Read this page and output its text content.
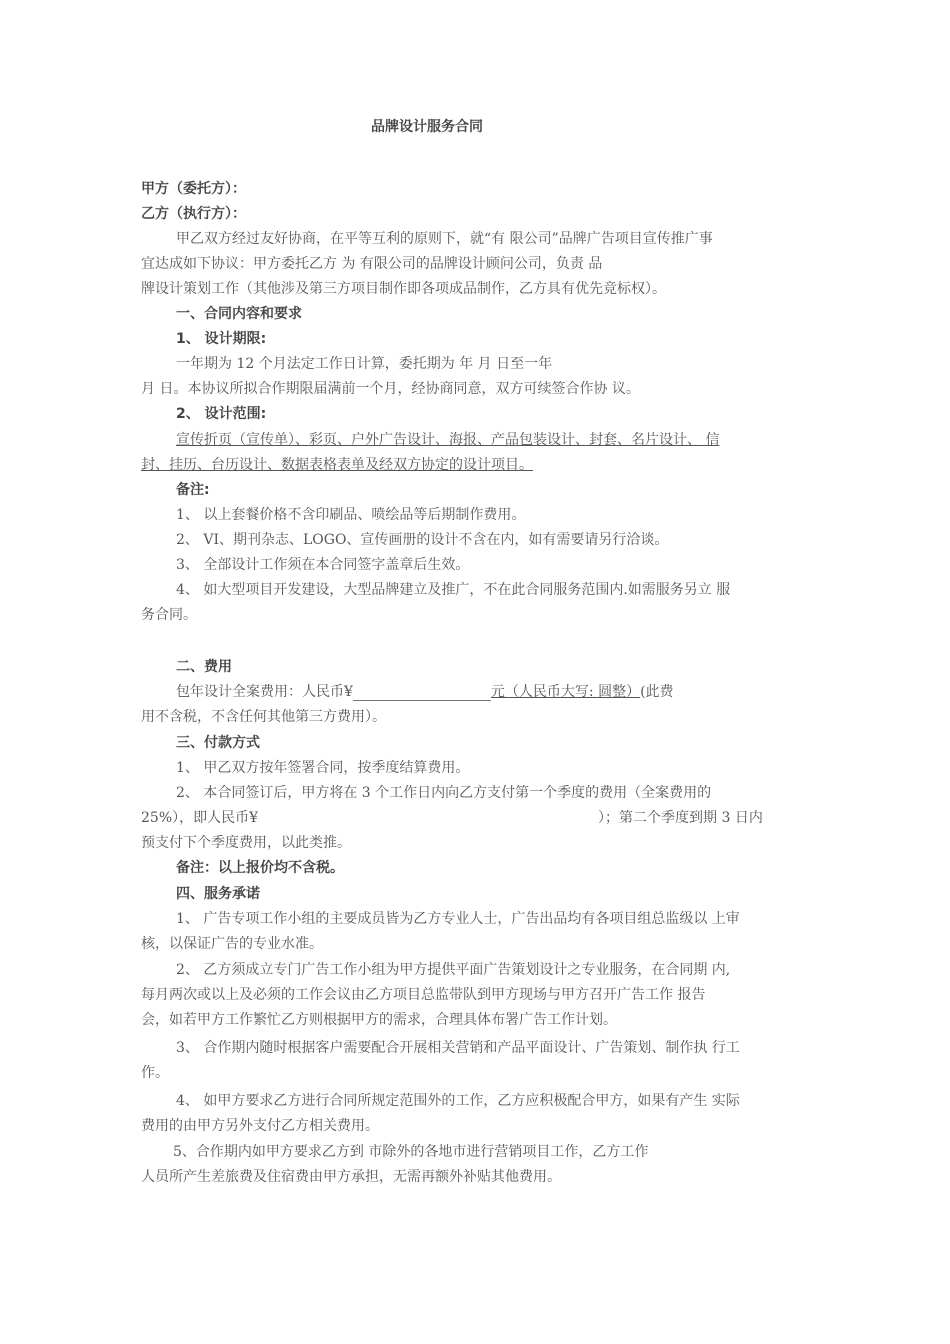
品牌设计服务合同
甲方（委托方）：
乙方（执行方）：
甲乙双方经过友好协商，在平等互利的原则下，就“有 限公司”品牌广告项目宣传推广事
宜达成如下协议：甲方委托乙方 为 有限公司的品牌设计顾问公司，负责 品
牌设计策划工作（其他涉及第三方项目制作即各项成品制作，乙方具有优先竞标权）。
一、合同内容和要求
1、 设计期限:
一年期为 12 个月法定工作日计算，委托期为 年 月 日至一年
月 日。本协议所拟合作期限届满前一个月，经协商同意，双方可续签合作协 议。
2、 设计范围:
宣传折页（宣传单）、彩页、户外广告设计、海报、产品包装设计、封套、名片设计、 信
封、挂历、台历设计、数据表格表单及经双方协定的设计项目。
备注:
1、 以上套餐价格不含印刷品、喷绘品等后期制作费用。
2、 VI、期刊杂志、LOGO、宣传画册的设计不含在内，如有需要请另行洽谈。
3、 全部设计工作须在本合同签字盖章后生效。
4、 如大型项目开发建设，大型品牌建立及推广，不在此合同服务范围内.如需服务另立 服
务合同。
二、费用
包年设计全案费用：人民币¥	元（人民币大写: 圆整）(此费
用不含税，不含任何其他第三方费用）。
三、付款方式
1、 甲乙双方按年签署合同，按季度结算费用。
2、 本合同签订后，甲方将在 3 个工作日内向乙方支付第一个季度的费用（全案费用的
25%），即人民币¥	）；第二个季度到期 3 日内
预支付下个季度费用，以此类推。
备注：以上报价均不含税。
四、服务承诺
1、 广告专项工作小组的主要成员皆为乙方专业人士，广告出品均有各项目组总监级以 上审
核，以保证广告的专业水准。
2、 乙方须成立专门广告工作小组为甲方提供平面广告策划设计之专业服务，在合同期 内,
每月两次或以上及必须的工作会议由乙方项目总监带队到甲方现场与甲方召开广告工作 报告
会，如若甲方工作繁忙乙方则根据甲方的需求，合理具体布署广告工作计划。
3、 合作期内随时根据客户需要配合开展相关营销和产品平面设计、广告策划、制作执 行工
作。
4、 如甲方要求乙方进行合同所规定范围外的工作，乙方应积极配合甲方，如果有产生 实际
费用的由甲方另外支付乙方相关费用。
5、合作期内如甲方要求乙方到 市除外的各地市进行营销项目工作，乙方工作
人员所产生差旅费及住宿费由甲方承担，无需再额外补贴其他费用。
